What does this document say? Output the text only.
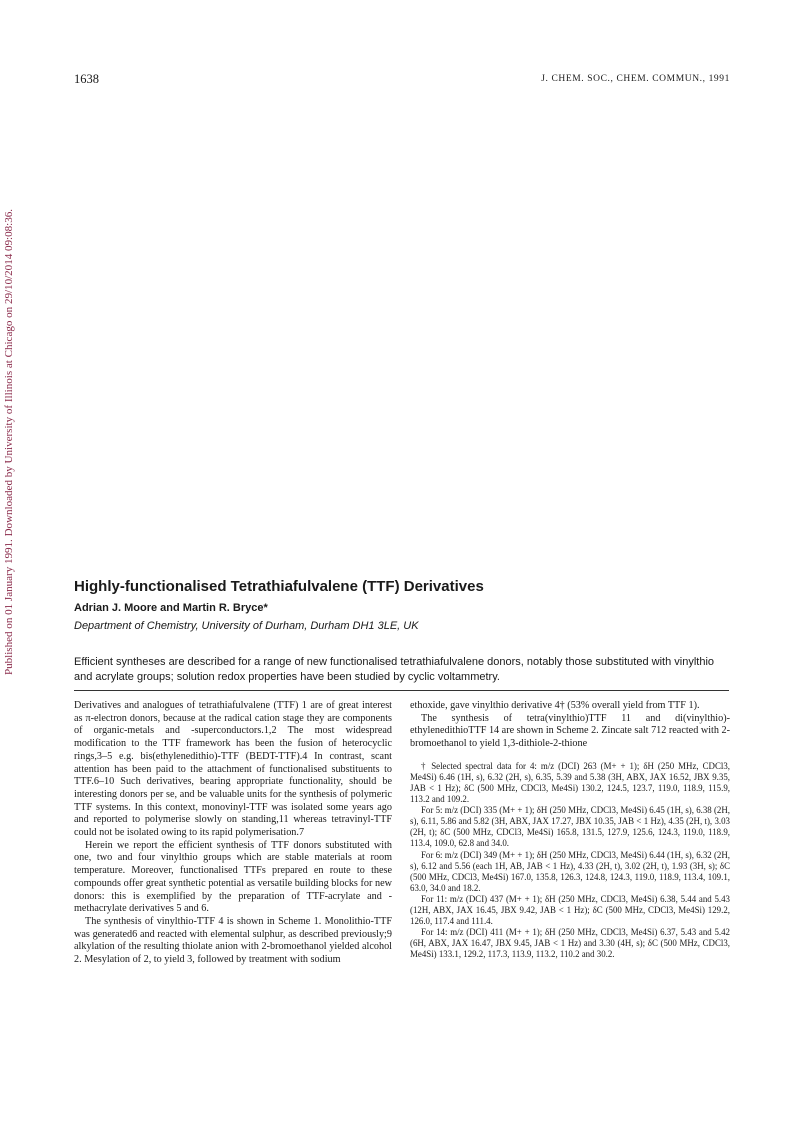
1638	J. CHEM. SOC., CHEM. COMMUN., 1991
Published on 01 January 1991. Downloaded by University of Illinois at Chicago on 29/10/2014 09:08:36.	Highly-functionalised Tetrathiafulvalene (TTF) Derivatives
Adrian J. Moore and Martin R. Bryce*
Department of Chemistry, University of Durham, Durham DH1 3LE, UK
Efficient syntheses are described for a range of new functionalised tetrathiafulvalene donors, notably those substituted with vinylthio and acrylate groups; solution redox properties have been studied by cyclic voltammetry.

Derivatives and analogues of tetrathiafulvalene (TTF) 1 are of great interest as π-electron donors, because at the radical cation stage they are components of organic-metals and -superconductors.1,2 The most widespread modification to the TTF framework has been the fusion of heterocyclic rings,3–5 e.g. bis(ethylenedithio)-TTF (BEDT-TTF).4 In contrast, scant attention has been paid to the attachment of functionalised substituents to TTF.6–10 Such derivatives, bearing appropriate functionality, should be interesting donors per se, and be valuable units for the synthesis of polymeric TTF systems. In this context, monovinyl-TTF was isolated some years ago and reported to polymerise slowly on standing,11 whereas tetravinyl-TTF could not be isolated owing to its rapid polymerisation.7

Herein we report the efficient synthesis of TTF donors substituted with one, two and four vinylthio groups which are stable materials at room temperature. Moreover, functionalised TTFs prepared en route to these compounds offer great synthetic potential as versatile building blocks for new donors: this is exemplified by the preparation of TTF-acrylate and -methacrylate derivatives 5 and 6.

The synthesis of vinylthio-TTF 4 is shown in Scheme 1. Monolithio-TTF was generated6 and reacted with elemental sulphur, as described previously;9 alkylation of the resulting thiolate anion with 2-bromoethanol yielded alcohol 2. Mesylation of 2, to yield 3, followed by treatment with sodium

ethoxide, gave vinylthio derivative 4† (53% overall yield from TTF 1).

The synthesis of tetra(vinylthio)TTF 11 and di(vinylthio)-ethylenedithioTTF 14 are shown in Scheme 2. Zincate salt 712 reacted with 2-bromoethanol to yield 1,3-dithiole-2-thione

† Selected spectral data for 4: m/z (DCI) 263 (M+ + 1); δH (250 MHz, CDCl3, Me4Si) 6.46 (1H, s), 6.32 (2H, s), 6.35, 5.39 and 5.38 (3H, ABX, JAX 16.52, JBX 9.35, JAB < 1 Hz); δC (500 MHz, CDCl3, Me4Si) 130.2, 124.5, 123.7, 119.0, 118.9, 115.9, 113.2 and 109.2.

For 5: m/z (DCI) 335 (M+ + 1); δH (250 MHz, CDCl3, Me4Si) 6.45 (1H, s), 6.38 (2H, s), 6.11, 5.86 and 5.82 (3H, ABX, JAX 17.27, JBX 10.35, JAB < 1 Hz), 4.35 (2H, t), 3.03 (2H, t); δC (500 MHz, CDCl3, Me4Si) 165.8, 131.5, 127.9, 125.6, 124.3, 119.0, 118.9, 113.4, 109.0, 62.8 and 34.0.

For 6: m/z (DCI) 349 (M+ + 1); δH (250 MHz, CDCl3, Me4Si) 6.44 (1H, s), 6.32 (2H, s), 6.12 and 5.56 (each 1H, AB, JAB < 1 Hz), 4.33 (2H, t), 3.02 (2H, t), 1.93 (3H, s); δC (500 MHz, CDCl3, Me4Si) 167.0, 135.8, 126.3, 124.8, 124.3, 119.0, 118.9, 113.4, 109.1, 63.0, 34.0 and 18.2.

For 11: m/z (DCI) 437 (M+ + 1); δH (250 MHz, CDCl3, Me4Si) 6.38, 5.44 and 5.43 (12H, ABX, JAX 16.45, JBX 9.42, JAB < 1 Hz); δC (500 MHz, CDCl3, Me4Si) 129.2, 126.0, 117.4 and 111.4.

For 14: m/z (DCI) 411 (M+ + 1); δH (250 MHz, CDCl3, Me4Si) 6.37, 5.43 and 5.42 (6H, ABX, JAX 16.47, JBX 9.45, JAB < 1 Hz) and 3.30 (4H, s); δC (500 MHz, CDCl3, Me4Si) 133.1, 129.2, 117.3, 113.9, 113.2, 110.2 and 30.2.
